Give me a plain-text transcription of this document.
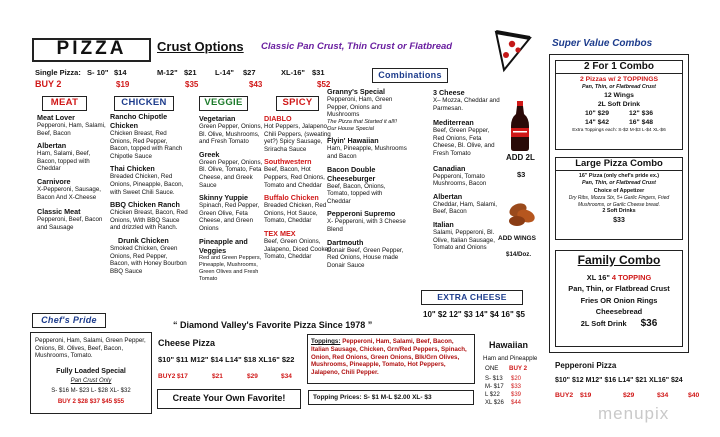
PIZZA	Crust Options Classic Pan Crust, Thin Crust or Flatbread
Single Pizza: S- 10" $14	M-12" $21	L-14"	$27	XL-16" $31
BUY 2	$19	$35	$43	$52
MEAT	CHICKEN	VEGGIE	SPICY
Meat Lover

Pepperoni, Ham, Salami, Beef, Bacon

Albertan

Ham, Salami, Beef, Bacon, topped with Cheddar

Carnivore

X-Pepperoni, Sausage, Bacon And X-Cheese

Classic Meat

Pepperoni, Beef, Bacon and Sausage

Rancho Chipotle Chicken

Chicken Breast, Red Onions, Red Pepper, Bacon, topped with Ranch Chipotle Sauce

Thai Chicken

Breaded Chicken, Red Onions, Pineapple, Bacon, with Sweet Chili Sauce.

BBQ Chicken Ranch

Chicken Breast, Bacon, Red Onions, With BBQ Sauce and drizzled with Ranch.

Drunk Chicken

Smoked Chicken, Green Onions, Red Pepper, Bacon, with Honey Bourbon BBQ Sauce

Vegetarian

Green Pepper, Onions, Bl. Olive, Mushrooms, and Fresh Tomato

Greek

Green Pepper, Onions, Bl. Olive, Tomato, Feta Cheese, and Greek Sauce

Skinny Yuppie

Spinach, Red Pepper, Green Olive, Feta Cheese, and Green Onions

Pineapple and Veggies

Red and Green Peppers, Pineapple, Mushrooms, Green Olives and Fresh Tomato

DIABLO

Hot Peppers, Jalapeno, Chili Peppers, (sweating yet?) Spicy Sausage, Sriracha Sauce

Southwestern

Beef, Bacon, Hot Peppers, Red Onions, Tomato and Cheddar

Buffalo Chicken

Breaded Chicken, Red Onions, Hot Sauce, Tomato, Cheddar

TEX MEX

Beef, Green Onions, Jalapeno, Diced Cooked Tomato, Cheddar

Combinations
Granny's Special

Pepperoni, Ham, Green Pepper, Onions and Mushrooms

The Pizza that Started it all!! Our House Special

Flyin' Hawaiian

Ham, Pineapple, Mushrooms and Bacon

Bacon Double Cheeseburger

Beef, Bacon, Onions, Tomato, topped with Cheddar

Pepperoni Supremo

X- Pepperoni, with 3 Cheese Blend

Dartmouth

Donair Beef, Green Pepper, Red Onions, House made Donair Sauce

3 Cheese

X– Mozza, Cheddar and Parmesan.

Mediterrean

Beef, Green Pepper, Red Onions, Feta Cheese, Bl. Olive, and Fresh Tomato

Canadian

Pepperoni, Tomato Mushrooms, Bacon

Albertan

Cheddar, Ham, Salami, Beef, Bacon

Italian

Salami, Pepperoni, Bl. Olive, Italian Sausage, Tomato and Onions

ADD 2L
$3
ADD WINGS
$14/Doz.
EXTRA CHEESE
10" $2 12" $3 14" $4 16" $5
Chef's Pride
Pepperoni, Ham, Salami, Green Pepper, Onions, Bl. Olives, Beef, Bacon, Mushrooms, Tomato.
Fully Loaded Special
Pan Crust Only
S- $16 M- $23 L- $28 XL- $32
BUY 2 $28 $37 $45 $55
“ Diamond Valley's Favorite Pizza Since 1978 ”
Cheese Pizza
$10" $11 M12" $14 L14" $18 XL16" $22
BUY2 $17	$21	$29	$34
Create Your Own Favorite!
Toppings: Pepperoni, Ham, Salami, Beef, Bacon, Italian Sausage, Chicken, Grn/Red Peppers, Spinach, Onion, Red Onions, Green Onions, Blk/Grn Olives, Mushrooms, Pineapple, Tomato, Hot Peppers, Jalapeno, Chili Pepper.
Topping Prices: S- $1 M-L $2.00 XL- $3
Hawaiian
Ham and Pineapple
ONE BUY 2
S- $13	$20
M- $17	$33
L $22	$39
XL $26	$44
Pepperoni Pizza
$10" $12 M12" $16 L14" $21 XL16" $24
BUY2	$19	$29	$34	$40
menupix
Super Value Combos
2 For 1 Combo
2 Pizzas w/ 2 TOPPINGS
Pan, Thin, or Flatbread Crust
12 Wings
2L Soft Drink
10" $29	12" $36
14" $42	16" $48
Extra Toppings each: S-$2 M-$3 L-$4 XL-$6
Large Pizza Combo
16" Pizza (only chef's pride ex.)
Pan, Thin, or Flatbread Crust
Choice of Appetizer
Dry Ribs, Mozza Stx, 5+ Garlic Fingers, Fried Mushrooms, or Garlic Cheese bread.
2 Soft Drinks
$33
Family Combo
XL 16" 4 TOPPING
Pan, Thin, or Flatbread Crust
Fries OR Onion Rings
Cheesebread
2L Soft Drink $36
